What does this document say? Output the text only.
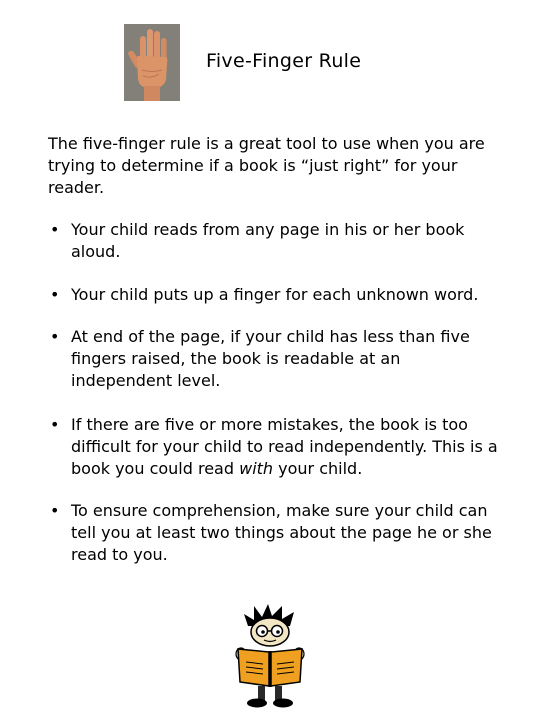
Five-Finger Rule

The five-finger rule is a great tool to use when you are trying to determine if a book is “just right” for your reader.

• Your child reads from any page in his or her book aloud.
• Your child puts up a finger for each unknown word.
• At end of the page, if your child has less than five fingers raised, the book is readable at an independent level.
• If there are five or more mistakes, the book is too difficult for your child to read independently. This is a book you could read with your child.
• To ensure comprehension, make sure your child can tell you at least two things about the page he or she read to you.
